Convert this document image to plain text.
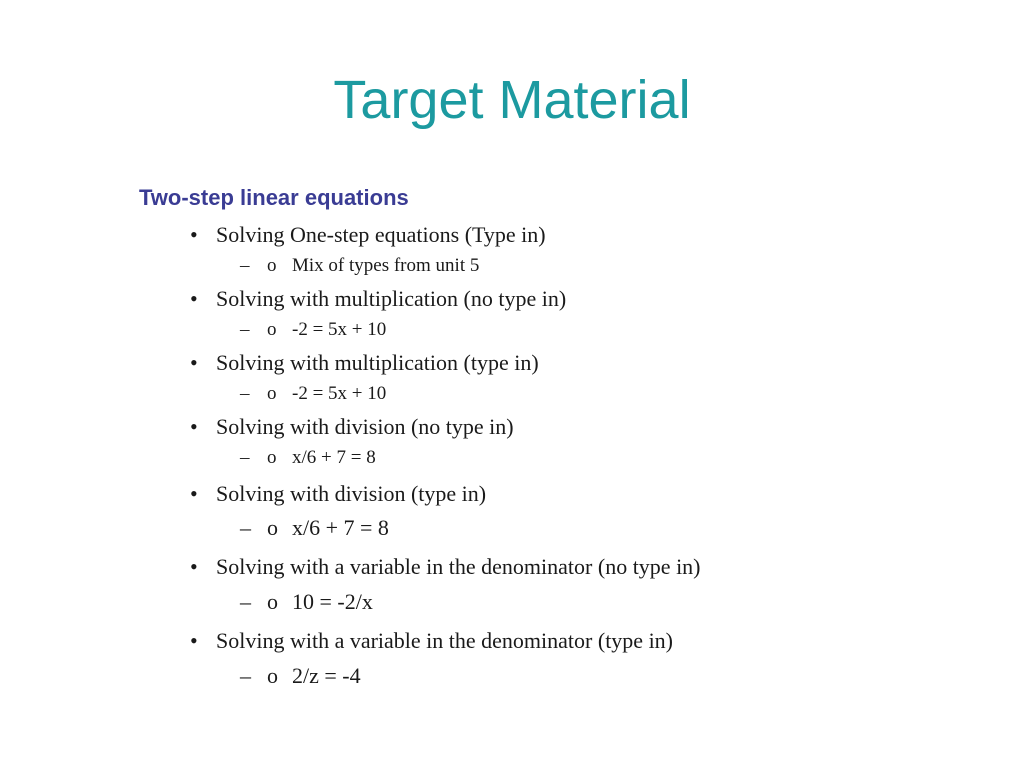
Target Material
Two-step linear equations
• Solving One-step equations (Type in)
– o Mix of types from unit 5
• Solving with multiplication (no type in)
– o -2 = 5x + 10
• Solving with multiplication (type in)
– o -2 = 5x + 10
• Solving with division (no type in)
– o x/6 + 7 = 8
• Solving with division (type in)
– o x/6 + 7 = 8
• Solving with a variable in the denominator (no type in)
– o 10 = -2/x
• Solving with a variable in the denominator (type in)
– o 2/z = -4
